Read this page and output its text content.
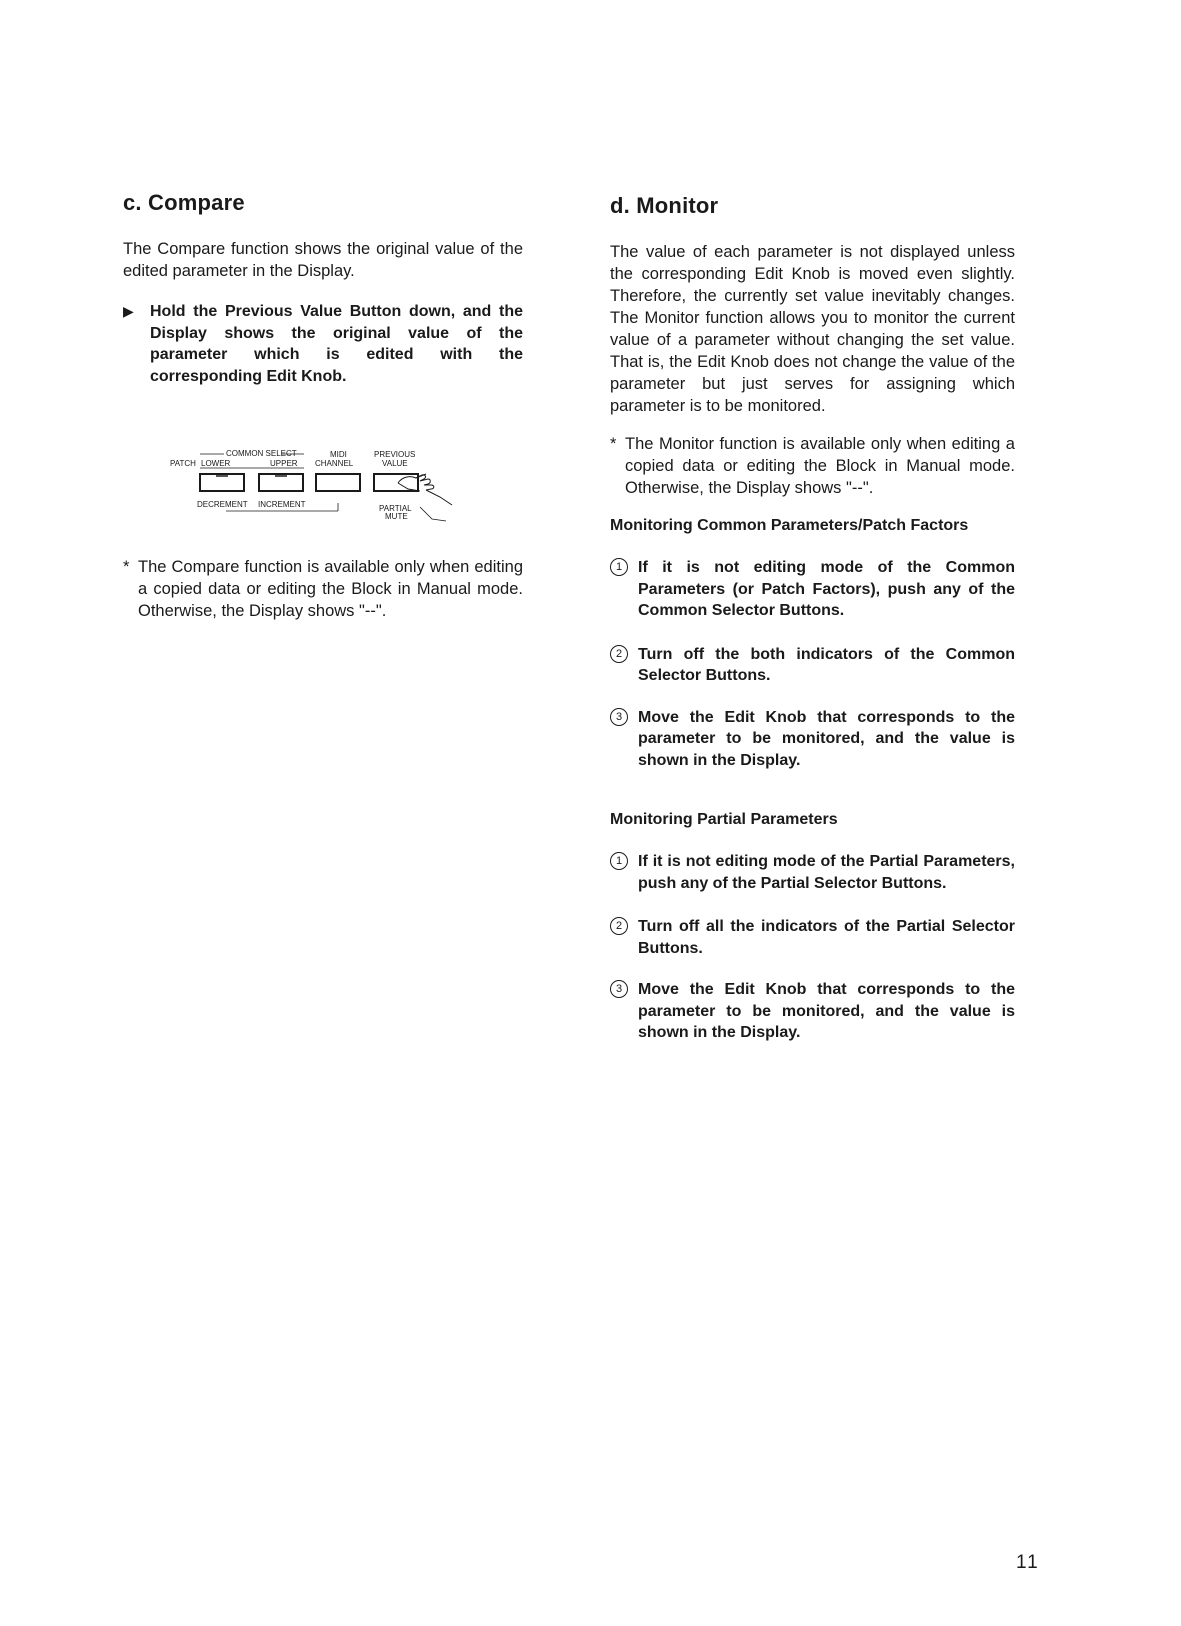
c. Compare

The Compare function shows the original value of the edited parameter in the Display.

▶ Hold the Previous Value Button down, and the Display shows the original value of the parameter which is edited with the corresponding Edit Knob.
COMMON SELECT
PATCH LOWER	UPPER
MIDI
CHANNEL
PREVIOUS
VALUE
DECREMENT INCREMENT	PARTIAL
MUTE
* The Compare function is available only when editing a copied data or editing the Block in Manual mode. Otherwise, the Display shows "--".
d. Monitor

The value of each parameter is not displayed unless the corresponding Edit Knob is moved even slightly. Therefore, the currently set value inevitably changes. The Monitor function allows you to monitor the current value of a parameter without changing the set value. That is, the Edit Knob does not change the value of the parameter but just serves for assigning which parameter is to be monitored.

* The Monitor function is available only when editing a copied data or editing the Block in Manual mode. Otherwise, the Display shows "--".

Monitoring Common Parameters/Patch Factors

1 If it is not editing mode of the Common Parameters (or Patch Factors), push any of the Common Selector Buttons.
2 Turn off the both indicators of the Common Selector Buttons.
3 Move the Edit Knob that corresponds to the parameter to be monitored, and the value is shown in the Display.

Monitoring Partial Parameters

1 If it is not editing mode of the Partial Parameters, push any of the Partial Selector Buttons.
2 Turn off all the indicators of the Partial Selector Buttons.
3 Move the Edit Knob that corresponds to the parameter to be monitored, and the value is shown in the Display.
11
